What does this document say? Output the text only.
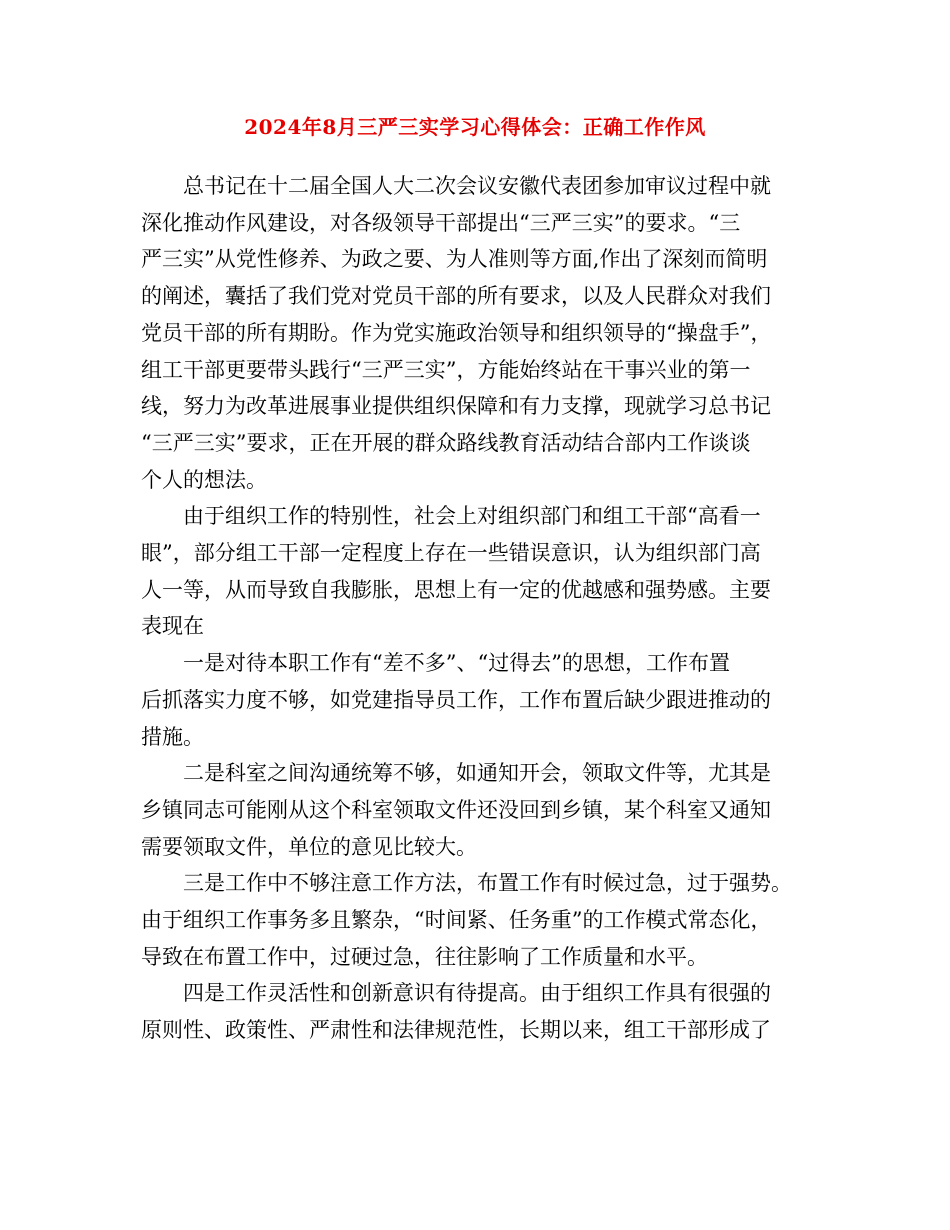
2024年8月三严三实学习心得体会：正确工作作风
总书记在十二届全国人大二次会议安徽代表团参加审议过程中就
深化推动作风建设，对各级领导干部提出“三严三实”的要求。“三
严三实”从党性修养、为政之要、为人准则等方面,作出了深刻而简明
的阐述，囊括了我们党对党员干部的所有要求，以及人民群众对我们
党员干部的所有期盼。作为党实施政治领导和组织领导的“操盘手”，
组工干部更要带头践行“三严三实”，方能始终站在干事兴业的第一
线，努力为改革进展事业提供组织保障和有力支撑，现就学习总书记
“三严三实”要求，正在开展的群众路线教育活动结合部内工作谈谈
个人的想法。
由于组织工作的特别性，社会上对组织部门和组工干部“高看一
眼”，部分组工干部一定程度上存在一些错误意识，认为组织部门高
人一等，从而导致自我膨胀，思想上有一定的优越感和强势感。主要
表现在
一是对待本职工作有“差不多”、“过得去”的思想，工作布置
后抓落实力度不够，如党建指导员工作，工作布置后缺少跟进推动的
措施。
二是科室之间沟通统筹不够，如通知开会，领取文件等，尤其是
乡镇同志可能刚从这个科室领取文件还没回到乡镇，某个科室又通知
需要领取文件，单位的意见比较大。
三是工作中不够注意工作方法，布置工作有时候过急，过于强势。
由于组织工作事务多且繁杂，“时间紧、任务重”的工作模式常态化，
导致在布置工作中，过硬过急，往往影响了工作质量和水平。
四是工作灵活性和创新意识有待提高。由于组织工作具有很强的
原则性、政策性、严肃性和法律规范性，长期以来，组工干部形成了
